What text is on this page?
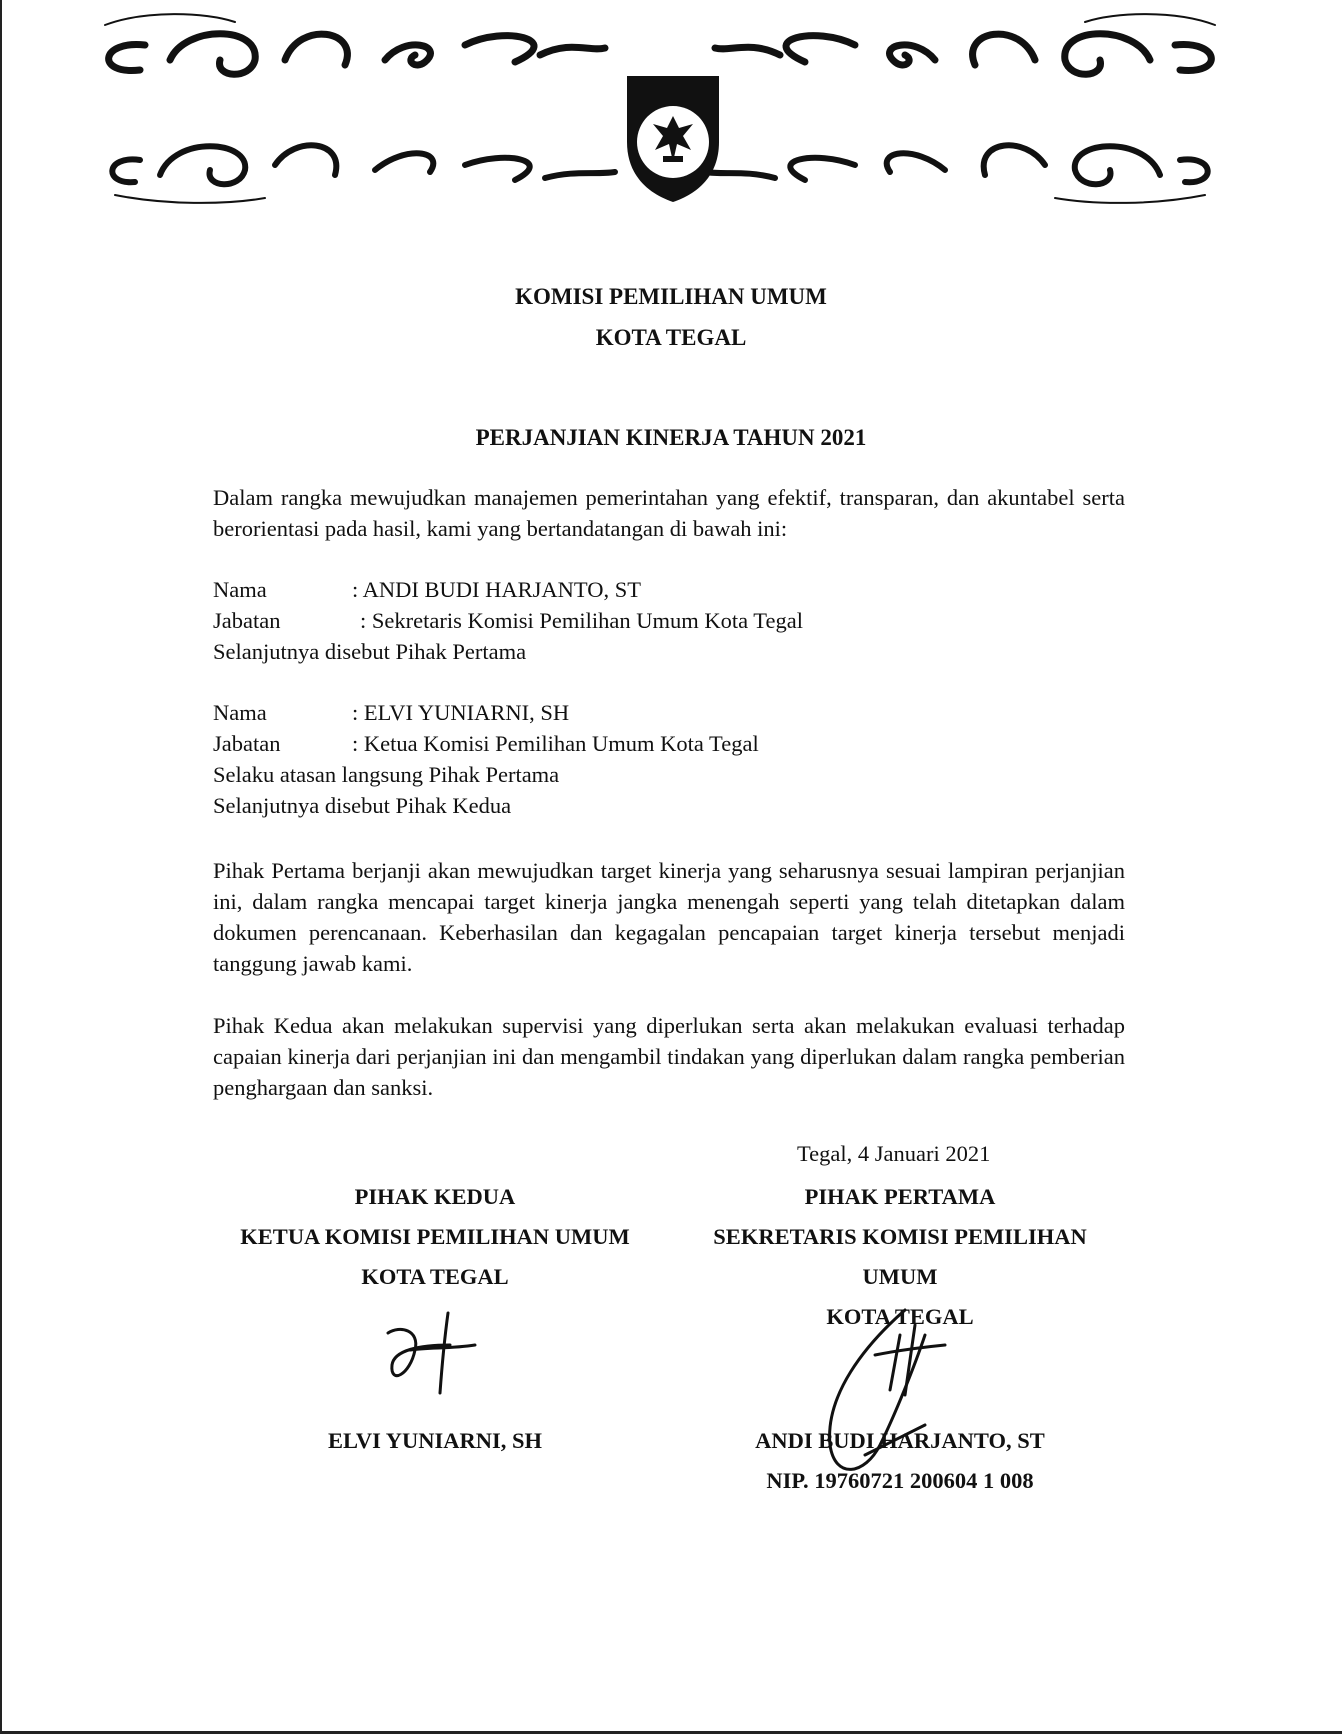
KOMISI PEMILIHAN UMUM
KOTA TEGAL
PERJANJIAN KINERJA TAHUN 2021
Dalam rangka mewujudkan manajemen pemerintahan yang efektif, transparan, dan akuntabel serta berorientasi pada hasil, kami yang bertandatangan di bawah ini:
Nama	: ANDI BUDI HARJANTO, ST
Jabatan	: Sekretaris Komisi Pemilihan Umum Kota Tegal
Selanjutnya disebut Pihak Pertama
Nama	: ELVI YUNIARNI, SH
Jabatan	: Ketua Komisi Pemilihan Umum Kota Tegal
Selaku atasan langsung Pihak Pertama
Selanjutnya disebut Pihak Kedua
Pihak Pertama berjanji akan mewujudkan target kinerja yang seharusnya sesuai lampiran perjanjian ini, dalam rangka mencapai target kinerja jangka menengah seperti yang telah ditetapkan dalam dokumen perencanaan. Keberhasilan dan kegagalan pencapaian target kinerja tersebut menjadi tanggung jawab kami.
Pihak Kedua akan melakukan supervisi yang diperlukan serta akan melakukan evaluasi terhadap capaian kinerja dari perjanjian ini dan mengambil tindakan yang diperlukan dalam rangka pemberian penghargaan dan sanksi.
Tegal, 4 Januari 2021
PIHAK KEDUA
KETUA KOMISI PEMILIHAN UMUM
KOTA TEGAL
ELVI YUNIARNI, SH
PIHAK PERTAMA
SEKRETARIS KOMISI PEMILIHAN
UMUM
KOTA TEGAL
ANDI BUDI HARJANTO, ST
NIP. 19760721 200604 1 008
